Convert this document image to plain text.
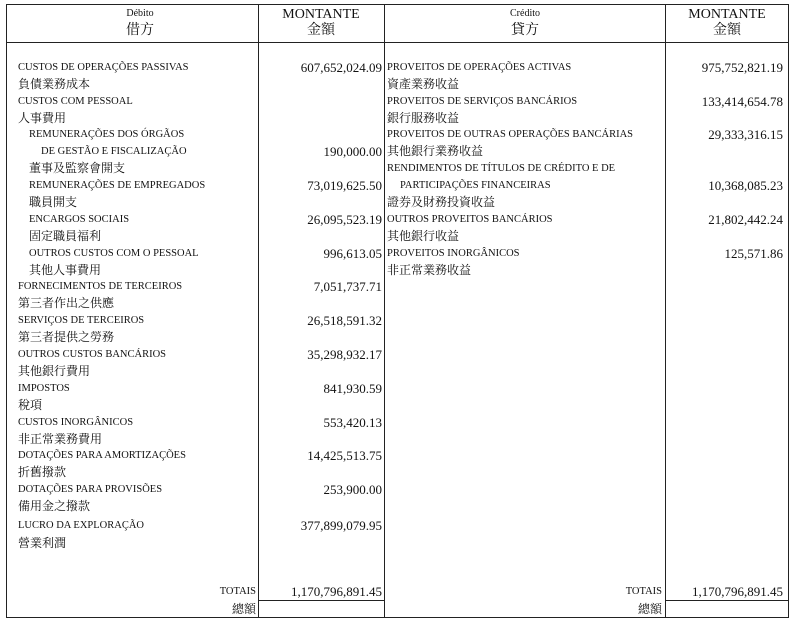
Débito
借方
MONTANTE
金額
Crédito
貸方
MONTANTE
金額
CUSTOS DE OPERAÇÕES PASSIVAS
負債業務成本
607,652,024.09
CUSTOS COM PESSOAL
人事費用
REMUNERAÇÕES DOS ÓRGÃOS
DE GESTÃO E FISCALIZAÇÃO
董事及監察會開支
190,000.00
REMUNERAÇÕES DE EMPREGADOS
職員開支
73,019,625.50
ENCARGOS SOCIAIS
固定職員福利
26,095,523.19
OUTROS CUSTOS COM O PESSOAL
其他人事費用
996,613.05
FORNECIMENTOS DE TERCEIROS
第三者作出之供應
7,051,737.71
SERVIÇOS DE TERCEIROS
第三者提供之勞務
26,518,591.32
OUTROS CUSTOS BANCÁRIOS
其他銀行費用
35,298,932.17
IMPOSTOS
稅項
841,930.59
CUSTOS INORGÂNICOS
非正常業務費用
553,420.13
DOTAÇÕES PARA AMORTIZAÇÕES
折舊撥款
14,425,513.75
DOTAÇÕES PARA PROVISÕES
備用金之撥款
253,900.00
LUCRO DA EXPLORAÇÃO
營業利潤
377,899,079.95
TOTAIS
總額
1,170,796,891.45
PROVEITOS DE OPERAÇÕES ACTIVAS
資產業務收益
975,752,821.19
PROVEITOS DE SERVIÇOS BANCÁRIOS
銀行服務收益
133,414,654.78
PROVEITOS DE OUTRAS OPERAÇÕES BANCÁRIAS
其他銀行業務收益
29,333,316.15
RENDIMENTOS DE TÍTULOS DE CRÉDITO E DE
PARTICIPAÇÕES FINANCEIRAS
證券及財務投資收益
10,368,085.23
OUTROS PROVEITOS BANCÁRIOS
其他銀行收益
21,802,442.24
PROVEITOS INORGÂNICOS
非正常業務收益
125,571.86
TOTAIS
總額
1,170,796,891.45
